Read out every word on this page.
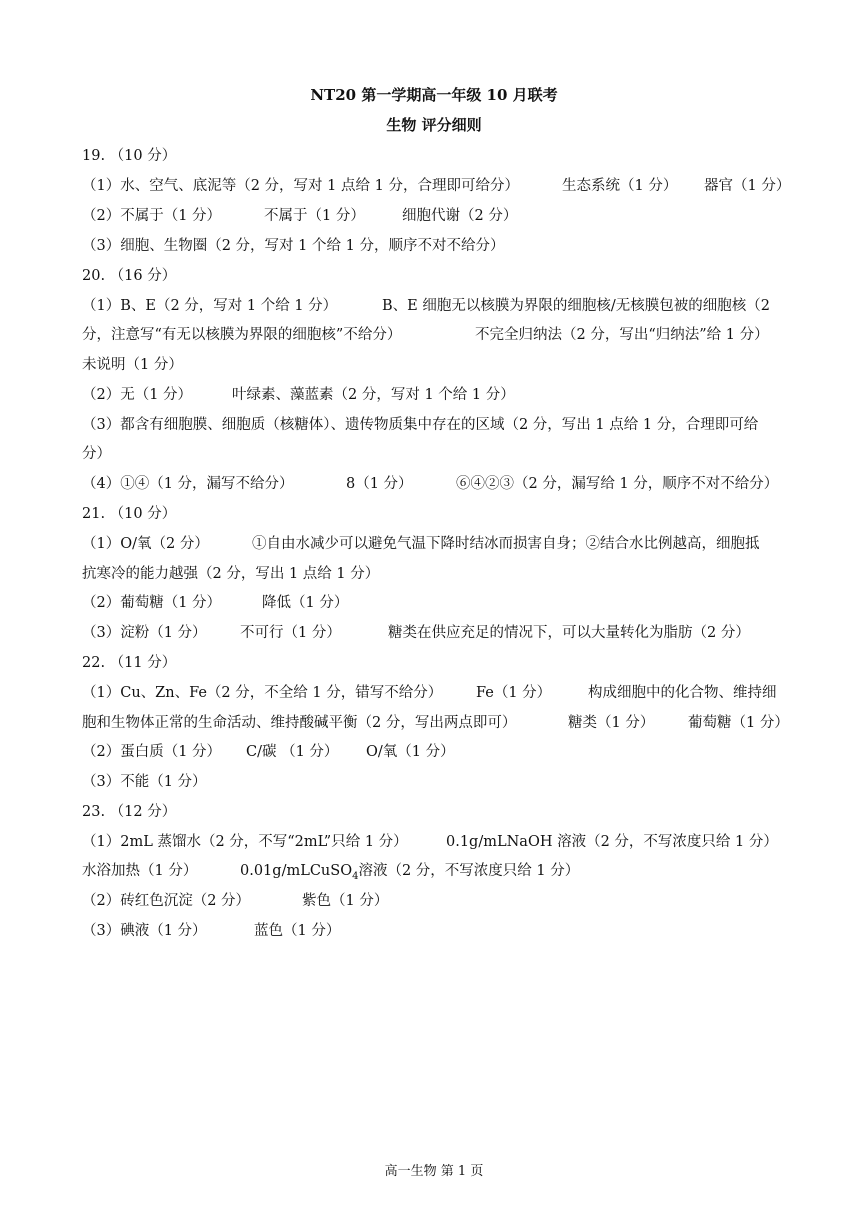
NT20 第一学期高一年级 10 月联考
生物 评分细则
19. （10 分）
（1）水、空气、底泥等（2 分，写对 1 点给 1 分，合理即可给分）	生态系统（1 分） 器官（1 分）
（2）不属于（1 分）	不属于（1 分）	细胞代谢（2 分）
（3）细胞、生物圈（2 分，写对 1 个给 1 分，顺序不对不给分）
20. （16 分）
（1）B、E（2 分，写对 1 个给 1 分）	B、E 细胞无以核膜为界限的细胞核/无核膜包被的细胞核（2
分，注意写“有无以核膜为界限的细胞核”不给分）	不完全归纳法（2 分，写出“归纳法”给 1 分）
未说明（1 分）
（2）无（1 分）	叶绿素、藻蓝素（2 分，写对 1 个给 1 分）
（3）都含有细胞膜、细胞质（核糖体）、遗传物质集中存在的区域（2 分，写出 1 点给 1 分，合理即可给
分）
（4）①④（1 分，漏写不给分）	8（1 分）	⑥④②③（2 分，漏写给 1 分，顺序不对不给分）
21. （10 分）
（1）O/氧（2 分）	①自由水减少可以避免气温下降时结冰而损害自身；②结合水比例越高，细胞抵
抗寒冷的能力越强（2 分，写出 1 点给 1 分）
（2）葡萄糖（1 分）	降低（1 分）
（3）淀粉（1 分） 不可行（1 分）	糖类在供应充足的情况下，可以大量转化为脂肪（2 分）
22. （11 分）
（1）Cu、Zn、Fe（2 分，不全给 1 分，错写不给分） Fe（1 分）	构成细胞中的化合物、维持细
胞和生物体正常的生命活动、维持酸碱平衡（2 分，写出两点即可）	糖类（1 分） 葡萄糖（1 分）
（2）蛋白质（1 分） C/碳 （1 分） O/氧（1 分）
（3）不能（1 分）
23. （12 分）
（1）2mL 蒸馏水（2 分，不写“2mL”只给 1 分）	0.1g/mLNaOH 溶液（2 分，不写浓度只给 1 分）
水浴加热（1 分）	0.01g/mLCuSO$_4$溶液（2 分，不写浓度只给 1 分）
（2）砖红色沉淀（2 分）	紫色（1 分）
（3）碘液（1 分）	蓝色（1 分）
高一生物 第 1 页
